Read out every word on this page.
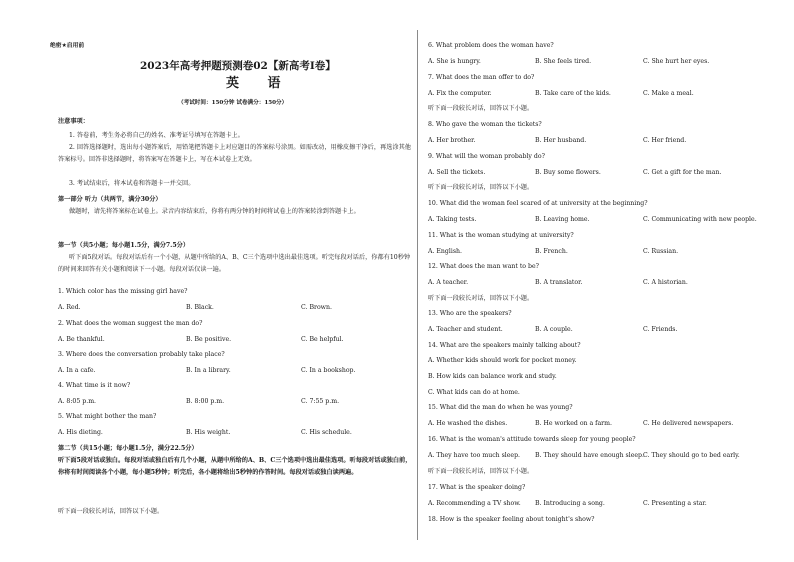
绝密★启用前
2023年高考押题预测卷02【新高考Ⅰ卷】
英 语
（考试时间：150分钟 试卷满分：150分）
注意事项：
1. 答卷前，考生务必将自己的姓名、准考证号填写在答题卡上。
2. 回答选择题时，选出每小题答案后，用铅笔把答题卡上对应题目的答案标号涂黑。如需改动，用橡皮擦干净后，再选涂其他答案标号。回答非选择题时，将答案写在答题卡上，写在本试卷上无效。
3. 考试结束后，将本试卷和答题卡一并交回。
第一部分 听力（共两节，满分30分）
做题时，请先将答案标在试卷上。录音内容结束后，你将有两分钟的时间将试卷上的答案转涂到答题卡上。
第一节（共5小题；每小题1.5分，满分7.5分）
听下面5段对话。每段对话后有一个小题，从题中所给的A、B、C三个选项中选出最佳选项。听完每段对话后，你都有10秒钟的时间来回答有关小题和阅读下一小题。每段对话仅读一遍。
1. Which color has the missing girl have?
A. Red.	B. Black.	C. Brown.
2. What does the woman suggest the man do?
A. Be thankful.	B. Be positive.	C. Be helpful.
3. Where does the conversation probably take place?
A. In a cafe.	B. In a library.	C. In a bookshop.
4. What time is it now?
A. 8:05 p.m.	B. 8:00 p.m.	C. 7:55 p.m.
5. What might bother the man?
A. His dieting.	B. His weight.	C. His schedule.
第二节（共15小题；每小题1.5分，满分22.5分）
听下面5段对话或独白。每段对话或独白后有几个小题，从题中所给的A、B、C三个选项中选出最佳选项。听每段对话或独白前，你将有时间阅读各个小题，每小题5秒钟；听完后，各小题将给出5秒钟的作答时间。每段对话或独白读两遍。
听下面一段较长对话，回答以下小题。
6. What problem does the woman have?
A. She is hungry.	B. She feels tired.	C. She hurt her eyes.
7. What does the man offer to do?
A. Fix the computer.	B. Take care of the kids.	C. Make a meal.
听下面一段较长对话，回答以下小题。
8. Who gave the woman the tickets?
A. Her brother.	B. Her husband.	C. Her friend.
9. What will the woman probably do?
A. Sell the tickets.	B. Buy some flowers.	C. Get a gift for the man.
听下面一段较长对话，回答以下小题。
10. What did the woman feel scared of at university at the beginning?
A. Taking tests.	B. Leaving home.	C. Communicating with new people.
11. What is the woman studying at university?
A. English.	B. French.	C. Russian.
12. What does the man want to be?
A. A teacher.	B. A translator.	C. A historian.
听下面一段较长对话，回答以下小题。
13. Who are the speakers?
A. Teacher and student.	B. A couple.	C. Friends.
14. What are the speakers mainly talking about?
A. Whether kids should work for pocket money.
B. How kids can balance work and study.
C. What kids can do at home.
15. What did the man do when he was young?
A. He washed the dishes.	B. He worked on a farm.	C. He delivered newspapers.
16. What is the woman's attitude towards sleep for young people?
A. They have too much sleep. B. They should have enough sleep. C. They should go to bed early.
听下面一段较长对话，回答以下小题。
17. What is the speaker doing?
A. Recommending a TV show. B. Introducing a song.	C. Presenting a star.
18. How is the speaker feeling about tonight's show?
